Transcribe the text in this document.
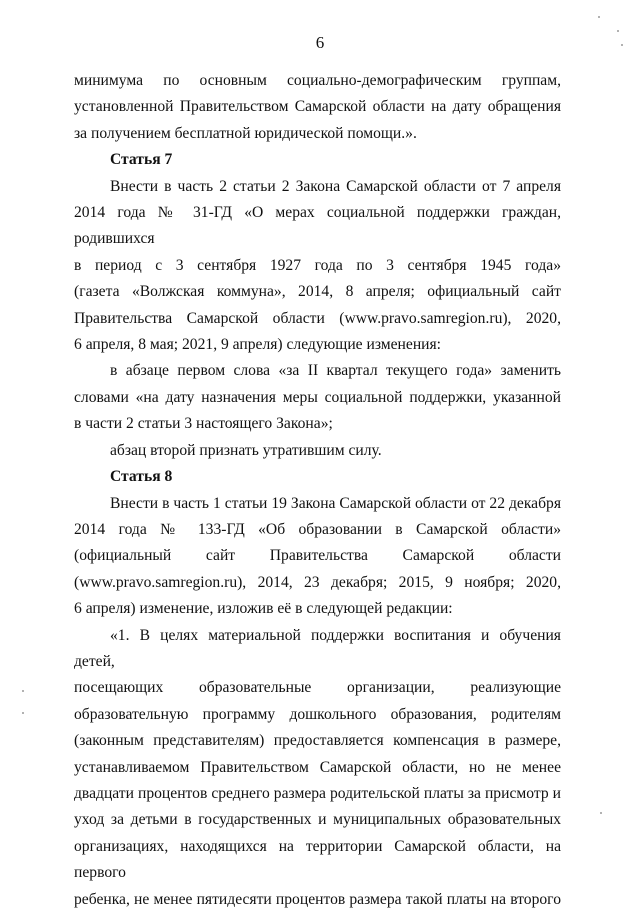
6

минимума по основным социально-демографическим группам,

установленной Правительством Самарской области на дату обращения

за получением бесплатной юридической помощи.».

Статья 7

Внести в часть 2 статьи 2 Закона Самарской области от 7 апреля

2014 года № 31-ГД «О мерах социальной поддержки граждан, родившихся

в период с 3 сентября 1927 года по 3 сентября 1945 года»

(газета «Волжская коммуна», 2014, 8 апреля; официальный сайт

Правительства Самарской области (www.pravo.samregion.ru), 2020,

6 апреля, 8 мая; 2021, 9 апреля) следующие изменения:

в абзаце первом слова «за II квартал текущего года» заменить

словами «на дату назначения меры социальной поддержки, указанной

в части 2 статьи 3 настоящего Закона»;

абзац второй признать утратившим силу.

Статья 8

Внести в часть 1 статьи 19 Закона Самарской области от 22 декабря

2014 года № 133-ГД «Об образовании в Самарской области»

(официальный сайт Правительства Самарской области

(www.pravo.samregion.ru), 2014, 23 декабря; 2015, 9 ноября; 2020,

6 апреля) изменение, изложив её в следующей редакции:

«1. В целях материальной поддержки воспитания и обучения детей,

посещающих образовательные организации, реализующие

образовательную программу дошкольного образования, родителям

(законным представителям) предоставляется компенсация в размере,

устанавливаемом Правительством Самарской области, но не менее

двадцати процентов среднего размера родительской платы за присмотр и

уход за детьми в государственных и муниципальных образовательных

организациях, находящихся на территории Самарской области, на первого

ребенка, не менее пятидесяти процентов размера такой платы на второго
